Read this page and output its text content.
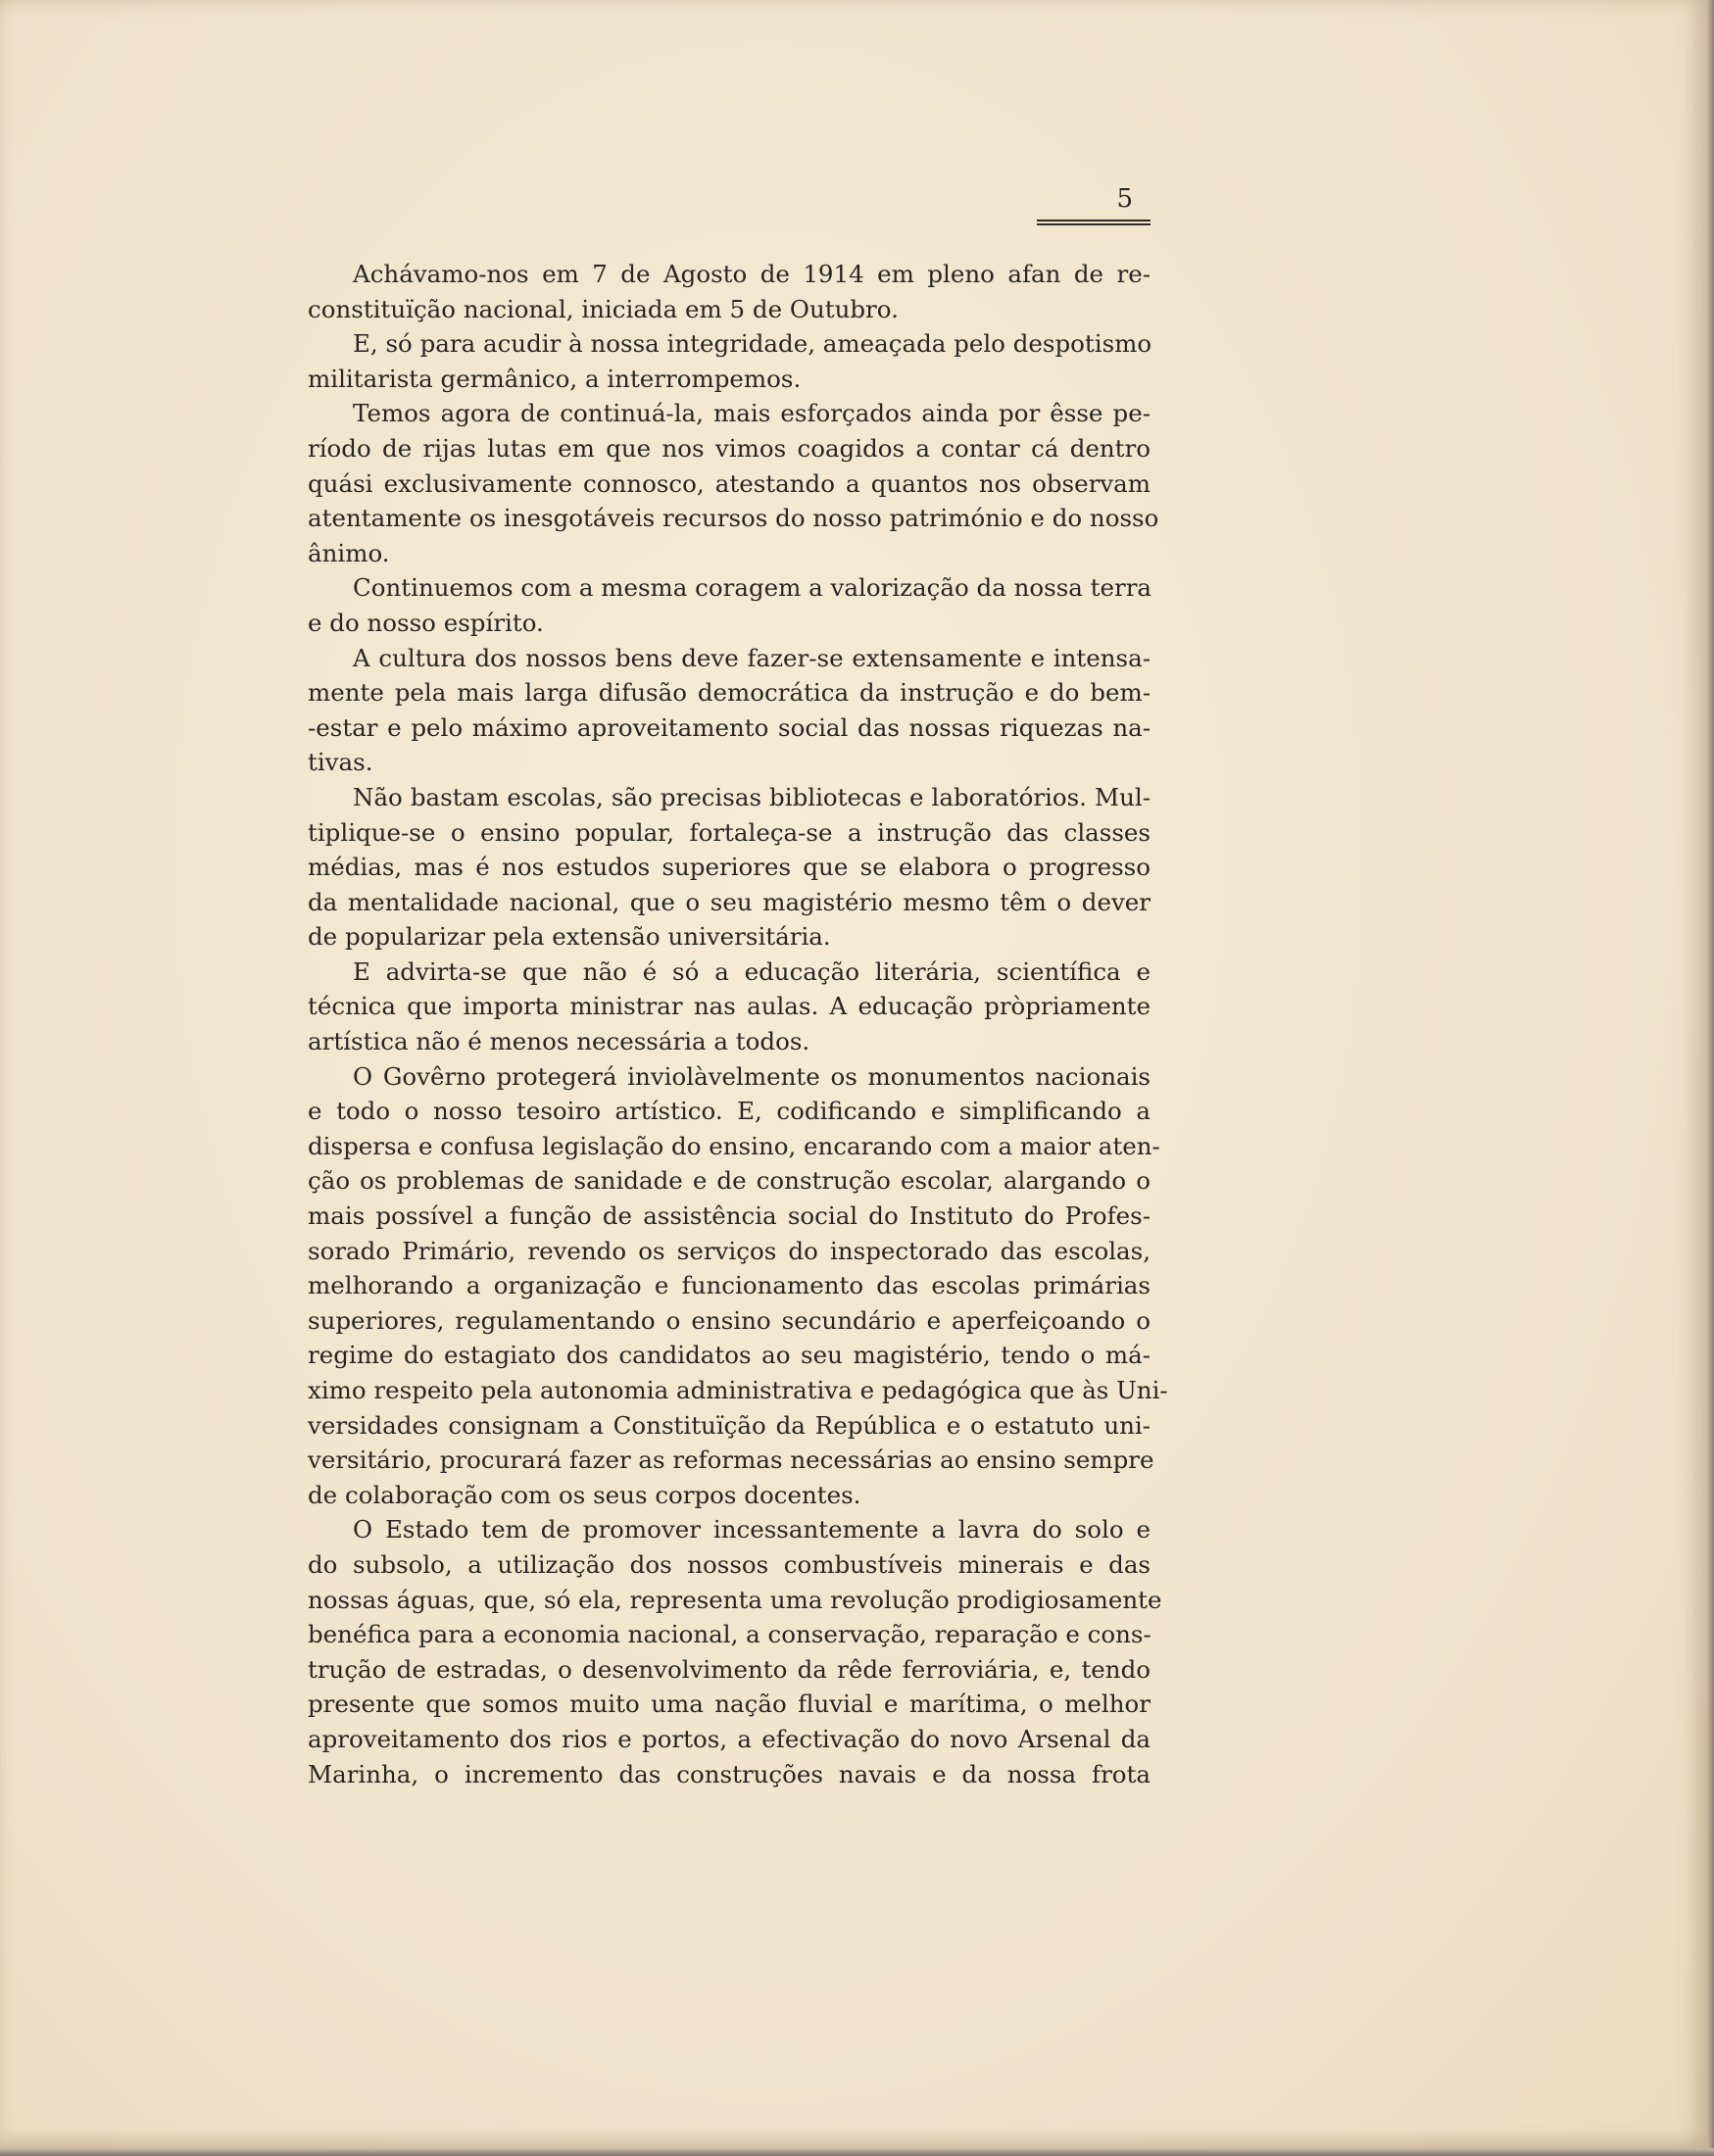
5
Achávamo-nos em 7 de Agosto de 1914 em pleno afan de re-
constituïção nacional, iniciada em 5 de Outubro.
E, só para acudir à nossa integridade, ameaçada pelo despotismo
militarista germânico, a interrompemos.
Temos agora de continuá-la, mais esforçados ainda por êsse pe-
ríodo de rijas lutas em que nos vimos coagidos a contar cá dentro
quási exclusivamente connosco, atestando a quantos nos observam
atentamente os inesgotáveis recursos do nosso património e do nosso
ânimo.
Continuemos com a mesma coragem a valorização da nossa terra
e do nosso espírito.
A cultura dos nossos bens deve fazer-se extensamente e intensa-
mente pela mais larga difusão democrática da instrução e do bem-
-estar e pelo máximo aproveitamento social das nossas riquezas na-
tivas.
Não bastam escolas, são precisas bibliotecas e laboratórios. Mul-
tiplique-se o ensino popular, fortaleça-se a instrução das classes
médias, mas é nos estudos superiores que se elabora o progresso
da mentalidade nacional, que o seu magistério mesmo têm o dever
de popularizar pela extensão universitária.
E advirta-se que não é só a educação literária, scientífica e
técnica que importa ministrar nas aulas. A educação pròpriamente
artística não é menos necessária a todos.
O Govêrno protegerá inviolàvelmente os monumentos nacionais
e todo o nosso tesoiro artístico. E, codificando e simplificando a
dispersa e confusa legislação do ensino, encarando com a maior aten-
ção os problemas de sanidade e de construção escolar, alargando o
mais possível a função de assistência social do Instituto do Profes-
sorado Primário, revendo os serviços do inspectorado das escolas,
melhorando a organização e funcionamento das escolas primárias
superiores, regulamentando o ensino secundário e aperfeiçoando o
regime do estagiato dos candidatos ao seu magistério, tendo o má-
ximo respeito pela autonomia administrativa e pedagógica que às Uni-
versidades consignam a Constituïção da República e o estatuto uni-
versitário, procurará fazer as reformas necessárias ao ensino sempre
de colaboração com os seus corpos docentes.
O Estado tem de promover incessantemente a lavra do solo e
do subsolo, a utilização dos nossos combustíveis minerais e das
nossas águas, que, só ela, representa uma revolução prodigiosamente
benéfica para a economia nacional, a conservação, reparação e cons-
trução de estradas, o desenvolvimento da rêde ferroviária, e, tendo
presente que somos muito uma nação fluvial e marítima, o melhor
aproveitamento dos rios e portos, a efectivação do novo Arsenal da
Marinha, o incremento das construções navais e da nossa frota
